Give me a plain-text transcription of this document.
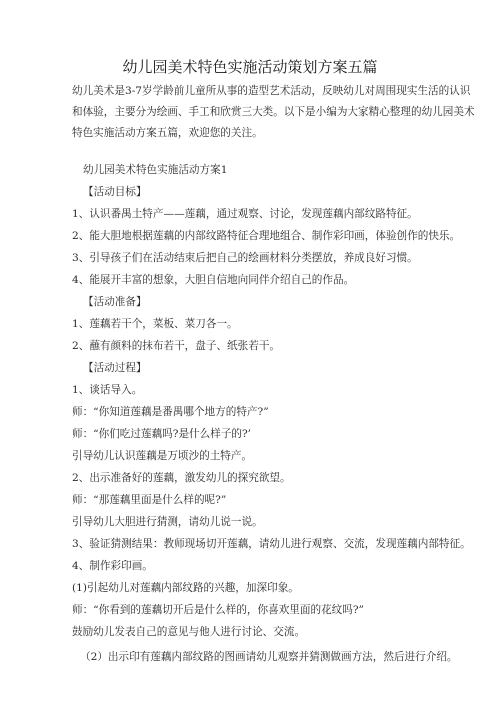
幼儿园美术特色实施活动策划方案五篇
幼儿美术是3-7岁学龄前儿童所从事的造型艺术活动，反映幼儿对周围现实生活的认识
和体验，主要分为绘画、手工和欣赏三大类。以下是小编为大家精心整理的幼儿园美术
特色实施活动方案五篇，欢迎您的关注。
幼儿园美术特色实施活动方案1
【活动目标】
1、认识番禺土特产——莲藕，通过观察、讨论，发现莲藕内部纹路特征。
2、能大胆地根据莲藕的内部纹路特征合理地组合、制作彩印画，体验创作的快乐。
3、引导孩子们在活动结束后把自己的绘画材料分类摆放，养成良好习惯。
4、能展开丰富的想象，大胆自信地向同伴介绍自己的作品。
【活动准备】
1、莲藕若干个，菜板、菜刀各一。
2、蘸有颜料的抹布若干，盘子、纸张若干。
【活动过程】
1、谈话导入。
师：“你知道莲藕是番禺哪个地方的特产?”
师：“你们吃过莲藕吗?是什么样子的?’
引导幼儿认识莲藕是万顷沙的土特产。
2、出示准备好的莲藕，激发幼儿的探究欲望。
师：“那莲藕里面是什么样的呢?”
引导幼儿大胆进行猜测，请幼儿说一说。
3、验证猜测结果：教师现场切开莲藕，请幼儿进行观察、交流，发现莲藕内部特征。
4、制作彩印画。
(1)引起幼儿对莲藕内部纹路的兴趣，加深印象。
师：“你看到的莲藕切开后是什么样的，你喜欢里面的花纹吗?”
鼓励幼儿发表自己的意见与他人进行讨论、交流。
（2）出示印有莲藕内部纹路的图画请幼儿观察并猜测做画方法，然后进行介绍。
